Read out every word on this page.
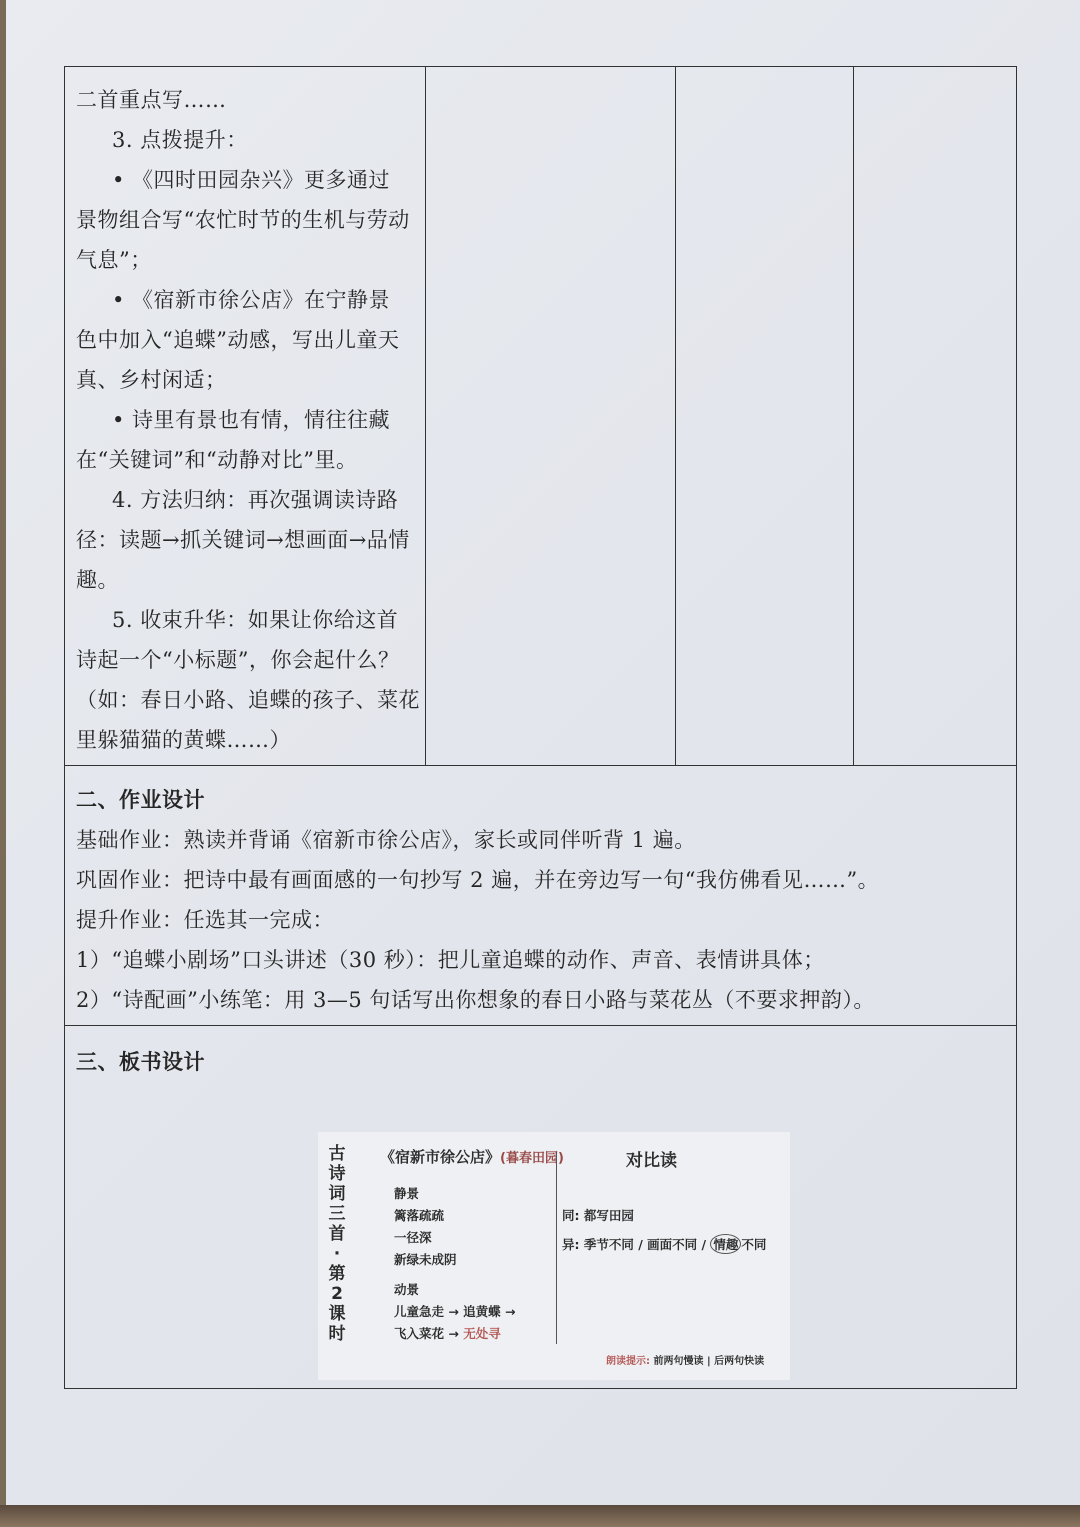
二首重点写……

3. 点拨提升：

• 《四时田园杂兴》更多通过

景物组合写“农忙时节的生机与劳动

气息”；

• 《宿新市徐公店》在宁静景

色中加入“追蝶”动感，写出儿童天

真、乡村闲适；

• 诗里有景也有情，情往往藏

在“关键词”和“动静对比”里。

4. 方法归纳：再次强调读诗路

径：读题→抓关键词→想画面→品情

趣。

5. 收束升华：如果让你给这首

诗起一个“小标题”，你会起什么？

（如：春日小路、追蝶的孩子、菜花

里躲猫猫的黄蝶……）

二、作业设计

基础作业：熟读并背诵《宿新市徐公店》，家长或同伴听背 1 遍。

巩固作业：把诗中最有画面感的一句抄写 2 遍，并在旁边写一句“我仿佛看见……”。

提升作业：任选其一完成：

1）“追蝶小剧场”口头讲述（30 秒）：把儿童追蝶的动作、声音、表情讲具体；

2）“诗配画”小练笔：用 3—5 句话写出你想象的春日小路与菜花丛（不要求押韵）。

三、板书设计

古
诗
词
三
首
·
第
2
课
时
《宿新市徐公店》(暮春田园)
静景
篱落疏疏
一径深
新绿未成阴
动景
儿童急走 → 追黄蝶 →
飞入菜花 → 无处寻
对比读
同: 都写田园
异: 季节不同 / 画面不同 / 情趣 不同
朗读提示: 前两句慢读 | 后两句快读
